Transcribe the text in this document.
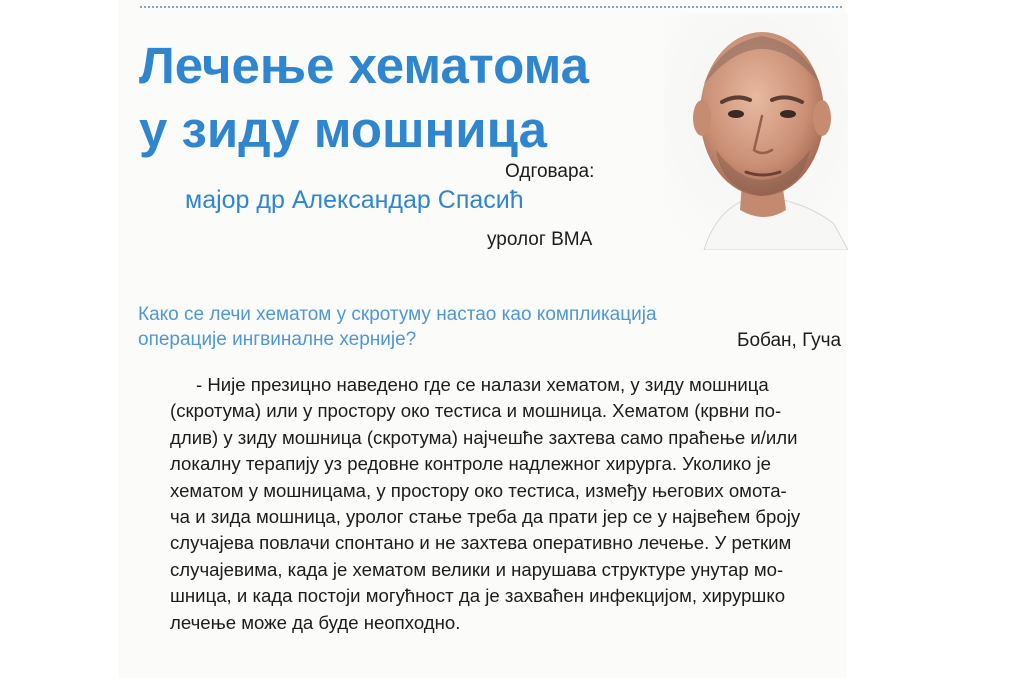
Лечење хематома
у зиду мошница
Одговара:
мајор др Александар Спасић
уролог ВМА
Како се лечи хематом у скротуму настао као компликација
операције ингвиналне хернијe?	Бобан, Гуча
- Није презицно наведено где се налази хематом, у зиду мошница
(скротума) или у простору око тестиса и мошница. Хематом (крвни по-
длив) у зиду мошница (скротума) најчешће захтева само праћење и/или
локалну терапију уз редовне контроле надлежног хирурга. Уколико је
хематом у мошницама, у простору око тестиса, између његових омота-
ча и зида мошница, уролог стање треба да прати јер се у највећем броју
случајева повлачи спонтано и не захтева оперативно лечење. У ретким
случајевима, када је хематом велики и нарушава структуре унутар мо-
шница, и када постоји могућност да је захваћен инфекцијом, хируршко
лечење може да буде неопходно.
